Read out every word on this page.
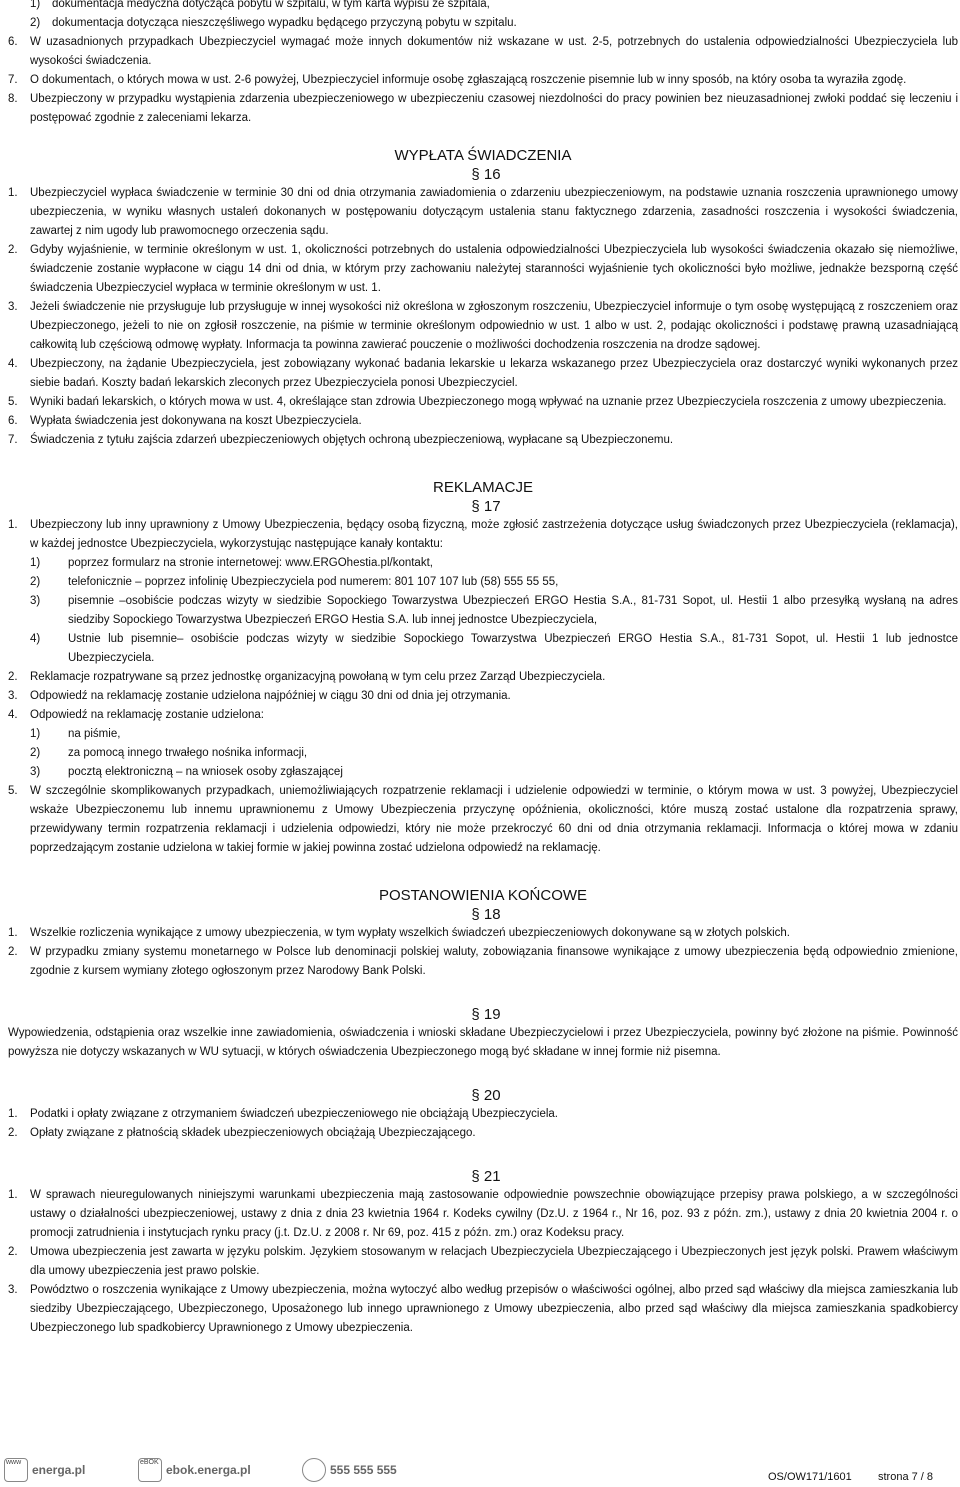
1)	dokumentacja medyczna dotycząca pobytu w szpitalu, w tym karta wypisu ze szpitala,
2)	dokumentacja dotycząca nieszczęśliwego wypadku będącego przyczyną pobytu w szpitalu.
6.	W uzasadnionych przypadkach Ubezpieczyciel wymagać może innych dokumentów niż wskazane w ust. 2-5, potrzebnych do ustalenia odpowiedzialności Ubezpieczyciela lub wysokości świadczenia.
7.	O dokumentach, o których mowa w ust. 2-6 powyżej, Ubezpieczyciel informuje osobę zgłaszającą roszczenie pisemnie lub w inny sposób, na który osoba ta wyraziła zgodę.
8.	Ubezpieczony w przypadku wystąpienia zdarzenia ubezpieczeniowego w ubezpieczeniu czasowej niezdolności do pracy powinien bez nieuzasadnionej zwłoki poddać się leczeniu i postępować zgodnie z zaleceniami lekarza.
WYPŁATA ŚWIADCZENIA
§ 16
1.	Ubezpieczyciel wypłaca świadczenie w terminie 30 dni od dnia otrzymania zawiadomienia o zdarzeniu ubezpieczeniowym, na podstawie uznania roszczenia uprawnionego umowy ubezpieczenia, w wyniku własnych ustaleń dokonanych w postępowaniu dotyczącym ustalenia stanu faktycznego zdarzenia, zasadności roszczenia i wysokości świadczenia, zawartej z nim ugody lub prawomocnego orzeczenia sądu.
2.	Gdyby wyjaśnienie, w terminie określonym w ust. 1, okoliczności potrzebnych do ustalenia odpowiedzialności Ubezpieczyciela lub wysokości świadczenia okazało się niemożliwe, świadczenie zostanie wypłacone w ciągu 14 dni od dnia, w którym przy zachowaniu należytej staranności wyjaśnienie tych okoliczności było możliwe, jednakże bezsporną część świadczenia Ubezpieczyciel wypłaca w terminie określonym w ust. 1.
3.	Jeżeli świadczenie nie przysługuje lub przysługuje w innej wysokości niż określona w zgłoszonym roszczeniu, Ubezpieczyciel informuje o tym osobę występującą z roszczeniem oraz Ubezpieczonego, jeżeli to nie on zgłosił roszczenie, na piśmie w terminie określonym odpowiednio w ust. 1 albo w ust. 2, podając okoliczności i podstawę prawną uzasadniającą całkowitą lub częściową odmowę wypłaty. Informacja ta powinna zawierać pouczenie o możliwości dochodzenia roszczenia na drodze sądowej.
4.	Ubezpieczony, na żądanie Ubezpieczyciela, jest zobowiązany wykonać badania lekarskie u lekarza wskazanego przez Ubezpieczyciela oraz dostarczyć wyniki wykonanych przez siebie badań. Koszty badań lekarskich zleconych przez Ubezpieczyciela ponosi Ubezpieczyciel.
5.	Wyniki badań lekarskich, o których mowa w ust. 4, określające stan zdrowia Ubezpieczonego mogą wpływać na uznanie przez Ubezpieczyciela roszczenia z umowy ubezpieczenia.
6.	Wypłata świadczenia jest dokonywana na koszt Ubezpieczyciela.
7.	Świadczenia z tytułu zajścia zdarzeń ubezpieczeniowych objętych ochroną ubezpieczeniową, wypłacane są Ubezpieczonemu.
REKLAMACJE
§ 17
1.	Ubezpieczony lub inny uprawniony z Umowy Ubezpieczenia, będący osobą fizyczną, może zgłosić zastrzeżenia dotyczące usług świadczonych przez Ubezpieczyciela (reklamacja), w każdej jednostce Ubezpieczyciela, wykorzystując następujące kanały kontaktu:
1)	poprzez formularz na stronie internetowej: www.ERGOhestia.pl/kontakt,
2)	telefonicznie – poprzez infolinię Ubezpieczyciela pod numerem: 801 107 107 lub (58) 555 55 55,
3)	pisemnie –osobiście podczas wizyty w siedzibie Sopockiego Towarzystwa Ubezpieczeń ERGO Hestia S.A., 81-731 Sopot, ul. Hestii 1 albo przesyłką wysłaną na adres siedziby Sopockiego Towarzystwa Ubezpieczeń ERGO Hestia S.A. lub innej jednostce Ubezpieczyciela,
4)	Ustnie lub pisemnie– osobiście podczas wizyty w siedzibie Sopockiego Towarzystwa Ubezpieczeń ERGO Hestia S.A., 81-731 Sopot, ul. Hestii 1 lub jednostce Ubezpieczyciela.
2.	Reklamacje rozpatrywane są przez jednostkę organizacyjną powołaną w tym celu przez Zarząd Ubezpieczyciela.
3.	Odpowiedź na reklamację zostanie udzielona najpóźniej w ciągu 30 dni od dnia jej otrzymania.
4.	Odpowiedź na reklamację zostanie udzielona:
1)	na piśmie,
2)	za pomocą innego trwałego nośnika informacji,
3)	pocztą elektroniczną – na wniosek osoby zgłaszającej
5.	W szczególnie skomplikowanych przypadkach, uniemożliwiających rozpatrzenie reklamacji i udzielenie odpowiedzi w terminie, o którym mowa w ust. 3 powyżej, Ubezpieczyciel wskaże Ubezpieczonemu lub innemu uprawnionemu z Umowy Ubezpieczenia przyczynę opóźnienia, okoliczności, które muszą zostać ustalone dla rozpatrzenia sprawy, przewidywany termin rozpatrzenia reklamacji i udzielenia odpowiedzi, który nie może przekroczyć 60 dni od dnia otrzymania reklamacji. Informacja o której mowa w zdaniu poprzedzającym zostanie udzielona w takiej formie w jakiej powinna zostać udzielona odpowiedź na reklamację.
POSTANOWIENIA KOŃCOWE
§ 18
1.	Wszelkie rozliczenia wynikające z umowy ubezpieczenia, w tym wypłaty wszelkich świadczeń ubezpieczeniowych dokonywane są w złotych polskich.
2.	W przypadku zmiany systemu monetarnego w Polsce lub denominacji polskiej waluty, zobowiązania finansowe wynikające z umowy ubezpieczenia będą odpowiednio zmienione, zgodnie z kursem wymiany złotego ogłoszonym przez Narodowy Bank Polski.
§ 19
Wypowiedzenia, odstąpienia oraz wszelkie inne zawiadomienia, oświadczenia i wnioski składane Ubezpieczycielowi i przez Ubezpieczyciela, powinny być złożone na piśmie. Powinność powyższa nie dotyczy wskazanych w WU sytuacji, w których oświadczenia Ubezpieczonego mogą być składane w innej formie niż pisemna.
§ 20
1.	Podatki i opłaty związane z otrzymaniem świadczeń ubezpieczeniowego nie obciążają Ubezpieczyciela.
2.	Opłaty związane z płatnością składek ubezpieczeniowych obciążają Ubezpieczającego.
§ 21
1.	W sprawach nieuregulowanych niniejszymi warunkami ubezpieczenia mają zastosowanie odpowiednie powszechnie obowiązujące przepisy prawa polskiego, a w szczególności ustawy o działalności ubezpieczeniowej, ustawy z dnia z dnia 23 kwietnia 1964 r. Kodeks cywilny (Dz.U. z 1964 r., Nr 16, poz. 93 z późn. zm.), ustawy z dnia 20 kwietnia 2004 r. o promocji zatrudnienia i instytucjach rynku pracy (j.t. Dz.U. z 2008 r. Nr 69, poz. 415 z późn. zm.) oraz Kodeksu pracy.
2.	Umowa ubezpieczenia jest zawarta w języku polskim. Językiem stosowanym w relacjach Ubezpieczyciela Ubezpieczającego i Ubezpieczonych jest język polski. Prawem właściwym dla umowy ubezpieczenia jest prawo polskie.
3.	Powództwo o roszczenia wynikające z Umowy ubezpieczenia, można wytoczyć albo według przepisów o właściwości ogólnej, albo przed sąd właściwy dla miejsca zamieszkania lub siedziby Ubezpieczającego, Ubezpieczonego, Uposażonego lub innego uprawnionego z Umowy ubezpieczenia, albo przed sąd właściwy dla miejsca zamieszkania spadkobiercy Ubezpieczonego lub spadkobiercy Uprawnionego z Umowy ubezpieczenia.
www energa.pl	eBOK ebok.energa.pl	555 555 555
OS/OW171/1601 strona 7 / 8
